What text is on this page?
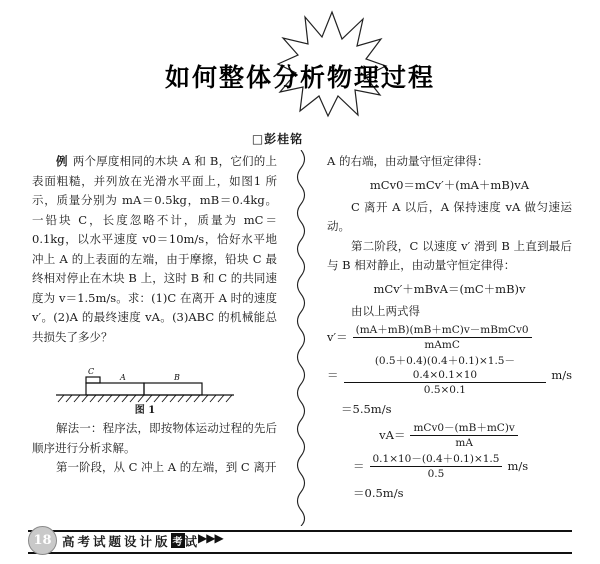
如何整体分析物理过程
□彭桂铭

例 两个厚度相同的木块 A 和 B，它们的上表面粗糙，并列放在光滑水平面上，如图1 所示，质量分别为 mA＝0.5kg，mB＝0.4kg。一铅块 C，长度忽略不计，质量为 mC＝0.1kg，以水平速度 v0＝10m/s，恰好水平地冲上 A 的上表面的左端，由于摩擦，铅块 C 最终相对停止在木块 B 上，这时 B 和 C 的共同速度为 v＝1.5m/s。求：(1)C 在离开 A 时的速度 v′。(2)A 的最终速度 vA。(3)ABC 的机械能总共损失了多少？

C
A	B
图 1

解法一：程序法，即按物体运动过程的先后顺序进行分析求解。

第一阶段，从 C 冲上 A 的左端，到 C 离开

A 的右端，由动量守恒定律得：

mCv0＝mCv′＋(mA＋mB)vA

C 离开 A 以后，A 保持速度 vA 做匀速运动。

第二阶段，C 以速度 v′ 滑到 B 上直到最后与 B 相对静止，由动量守恒定律得：

mCv′＋mBvA＝(mC＋mB)v

由以上两式得

$v'= \frac{\text{(mA＋mB)(mB＋mC)v－mBmCv0}}{\text{mAmC}}$
＝ $\frac{(0.5+0.4)(0.4+0.1)\times 1.5-0.4\times 0.1\times 10}{0.5\times 0.1} m/s$
＝5.5m/s
$vA= \frac{\text{mCv0－(mB＋mC)v}}{mA}$
＝ $\frac{0.1\times 10-(0.4+0.1)\times 1.5}{0.5} m/s$
＝0.5m/s
18 高考试题设计版 考 试
▶▶▶
